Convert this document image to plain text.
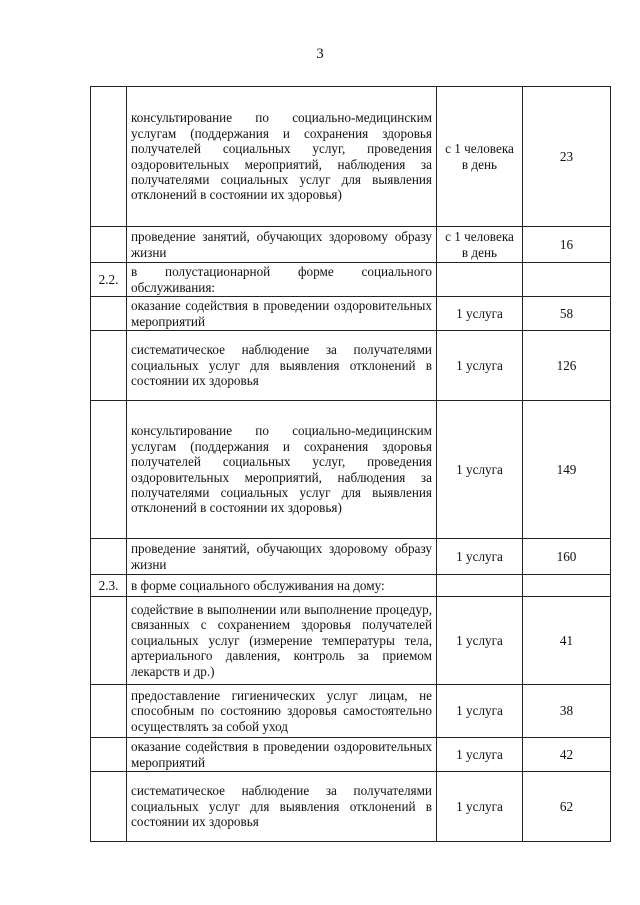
3
	консультирование по социально-медицинским услугам (поддержания и сохранения здоровья получателей социальных услуг, проведения оздоровительных мероприятий, наблюдения за получателями социальных услуг для выявления отклонений в состоянии их здоровья)	с 1 человека в день	23
	проведение занятий, обучающих здоровому образу жизни	с 1 человека в день	16
2.2.	в полустационарной форме социального обслуживания:		
	оказание содействия в проведении оздоровительных мероприятий	1 услуга	58
	систематическое наблюдение за получателями социальных услуг для выявления отклонений в состоянии их здоровья	1 услуга	126
	консультирование по социально-медицинским услугам (поддержания и сохранения здоровья получателей социальных услуг, проведения оздоровительных мероприятий, наблюдения за получателями социальных услуг для выявления отклонений в состоянии их здоровья)	1 услуга	149
	проведение занятий, обучающих здоровому образу жизни	1 услуга	160
2.3.	в форме социального обслуживания на дому:		
	содействие в выполнении или выполнение процедур, связанных с сохранением здоровья получателей социальных услуг (измерение температуры тела, артериального давления, контроль за приемом лекарств и др.)	1 услуга	41
	предоставление гигиенических услуг лицам, не способным по состоянию здоровья самостоятельно осуществлять за собой уход	1 услуга	38
	оказание содействия в проведении оздоровительных мероприятий	1 услуга	42
	систематическое наблюдение за получателями социальных услуг для выявления отклонений в состоянии их здоровья	1 услуга	62
